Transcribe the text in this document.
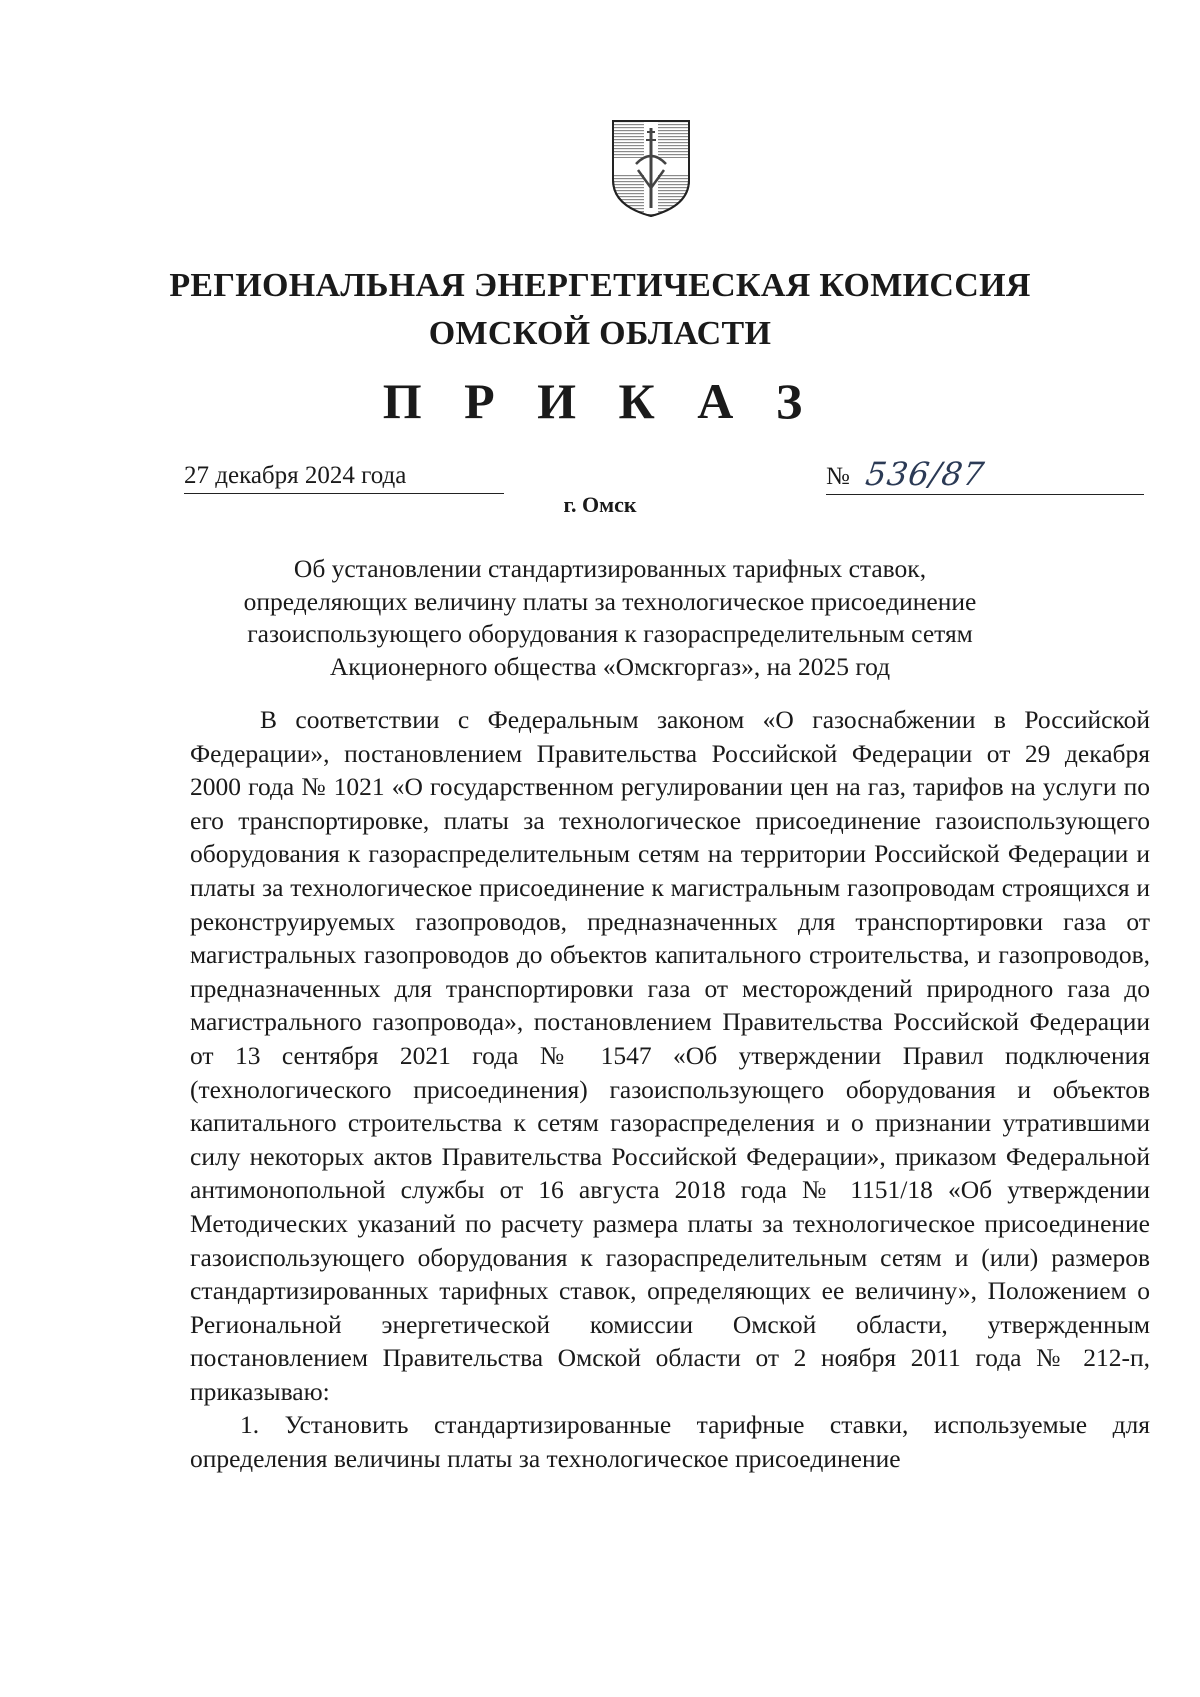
РЕГИОНАЛЬНАЯ ЭНЕРГЕТИЧЕСКАЯ КОМИССИЯ
ОМСКОЙ ОБЛАСТИ
П Р И К А З
27 декабря 2024 года	№ 536/87
г. Омск
Об установлении стандартизированных тарифных ставок, определяющих величину платы за технологическое присоединение газоиспользующего оборудования к газораспределительным сетям Акционерного общества «Омскгоргаз», на 2025 год

В соответствии с Федеральным законом «О газоснабжении в Российской Федерации», постановлением Правительства Российской Федерации от 29 декабря 2000 года № 1021 «О государственном регулировании цен на газ, тарифов на услуги по его транспортировке, платы за технологическое присоединение газоиспользующего оборудования к газораспределительным сетям на территории Российской Федерации и платы за технологическое присоединение к магистральным газопроводам строящихся и реконструируемых газопроводов, предназначенных для транспортировки газа от магистральных газопроводов до объектов капитального строительства, и газопроводов, предназначенных для транспортировки газа от месторождений природного газа до магистрального газопровода», постановлением Правительства Российской Федерации от 13 сентября 2021 года № 1547 «Об утверждении Правил подключения (технологического присоединения) газоиспользующего оборудования и объектов капитального строительства к сетям газораспределения и о признании утратившими силу некоторых актов Правительства Российской Федерации», приказом Федеральной антимонопольной службы от 16 августа 2018 года № 1151/18 «Об утверждении Методических указаний по расчету размера платы за технологическое присоединение газоиспользующего оборудования к газораспределительным сетям и (или) размеров стандартизированных тарифных ставок, определяющих ее величину», Положением о Региональной энергетической комиссии Омской области, утвержденным постановлением Правительства Омской области от 2 ноября 2011 года № 212-п, приказываю:

1. Установить стандартизированные тарифные ставки, используемые для определения величины платы за технологическое присоединение
